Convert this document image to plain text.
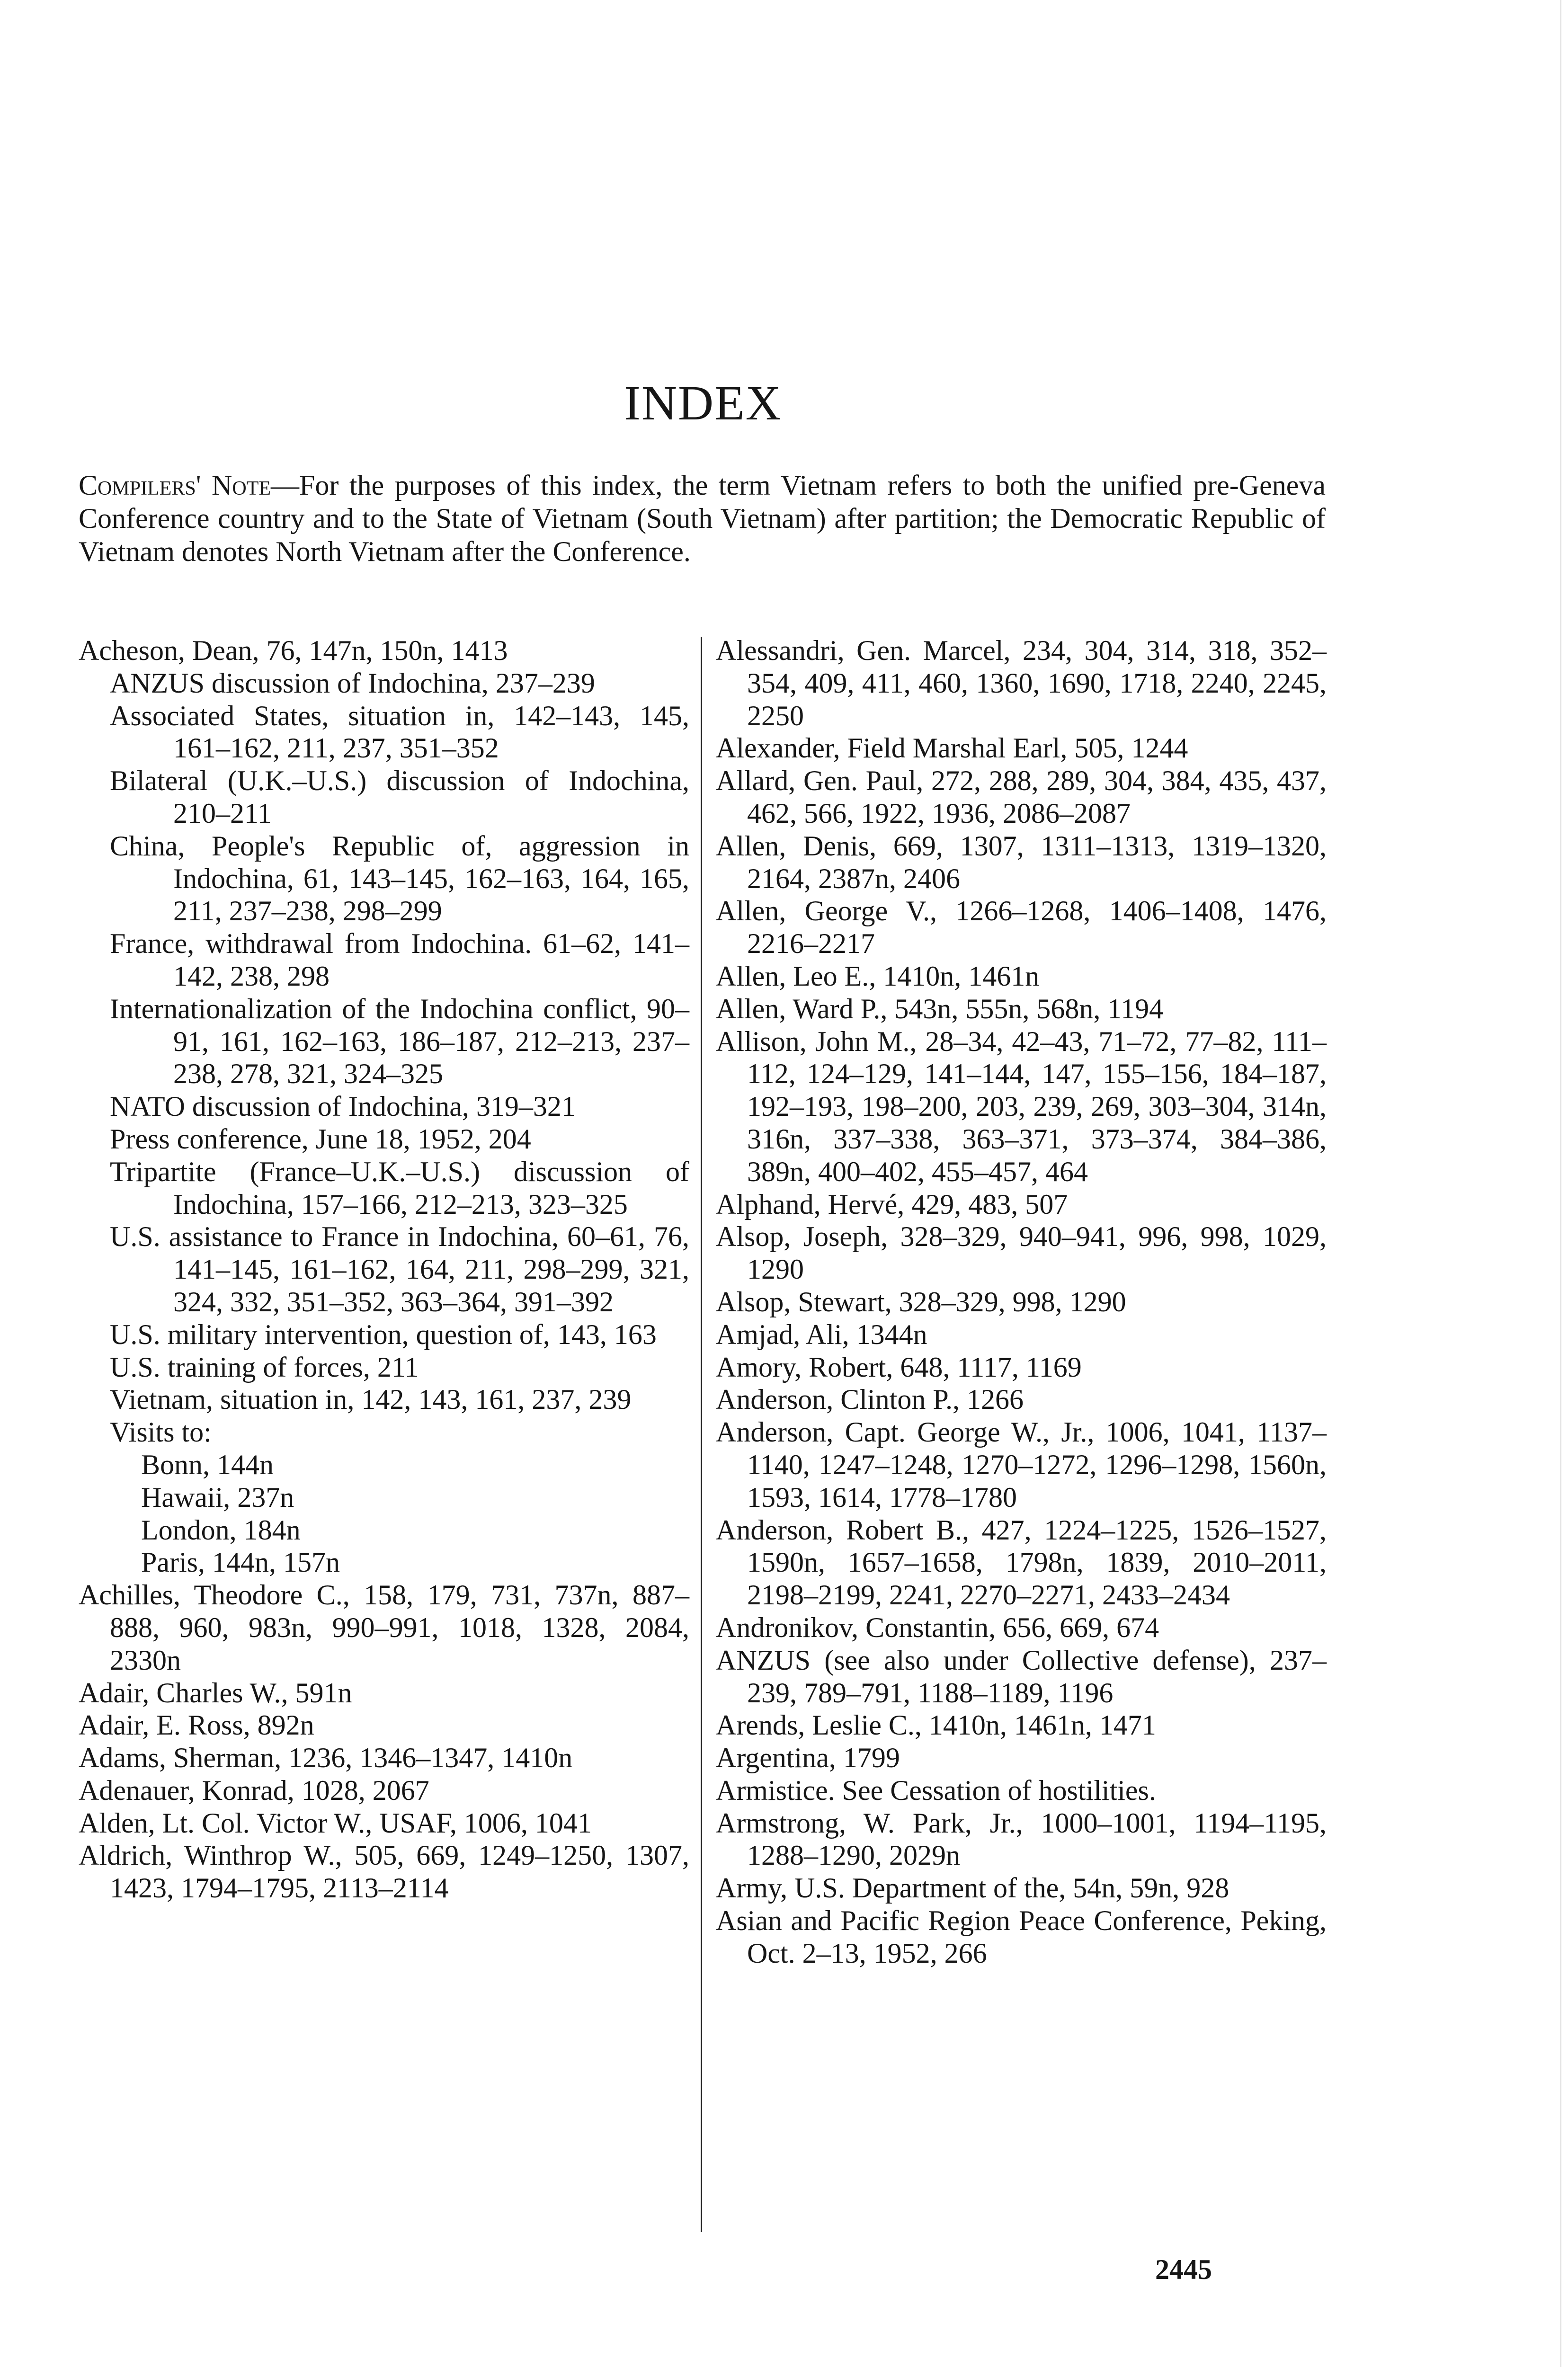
INDEX
Compilers' Note—For the purposes of this index, the term Vietnam refers to both the unified pre-Geneva Conference country and to the State of Vietnam (South Vietnam) after partition; the Democratic Republic of Vietnam denotes North Vietnam after the Conference.
Acheson, Dean, 76, 147n, 150n, 1413
ANZUS discussion of Indochina, 237–239
Associated States, situation in, 142–143, 145, 161–162, 211, 237, 351–352
Bilateral (U.K.–U.S.) discussion of Indochina, 210–211
China, People's Republic of, aggression in Indochina, 61, 143–145, 162–163, 164, 165, 211, 237–238, 298–299
France, withdrawal from Indochina. 61–62, 141–142, 238, 298
Internationalization of the Indochina conflict, 90–91, 161, 162–163, 186–187, 212–213, 237–238, 278, 321, 324–325
NATO discussion of Indochina, 319–321
Press conference, June 18, 1952, 204
Tripartite (France–U.K.–U.S.) discussion of Indochina, 157–166, 212–213, 323–325
U.S. assistance to France in Indochina, 60–61, 76, 141–145, 161–162, 164, 211, 298–299, 321, 324, 332, 351–352, 363–364, 391–392
U.S. military intervention, question of, 143, 163
U.S. training of forces, 211
Vietnam, situation in, 142, 143, 161, 237, 239
Visits to:
Bonn, 144n
Hawaii, 237n
London, 184n
Paris, 144n, 157n
Achilles, Theodore C., 158, 179, 731, 737n, 887–888, 960, 983n, 990–991, 1018, 1328, 2084, 2330n
Adair, Charles W., 591n
Adair, E. Ross, 892n
Adams, Sherman, 1236, 1346–1347, 1410n
Adenauer, Konrad, 1028, 2067
Alden, Lt. Col. Victor W., USAF, 1006, 1041
Aldrich, Winthrop W., 505, 669, 1249–1250, 1307, 1423, 1794–1795, 2113–2114
Alessandri, Gen. Marcel, 234, 304, 314, 318, 352–354, 409, 411, 460, 1360, 1690, 1718, 2240, 2245, 2250
Alexander, Field Marshal Earl, 505, 1244
Allard, Gen. Paul, 272, 288, 289, 304, 384, 435, 437, 462, 566, 1922, 1936, 2086–2087
Allen, Denis, 669, 1307, 1311–1313, 1319–1320, 2164, 2387n, 2406
Allen, George V., 1266–1268, 1406–1408, 1476, 2216–2217
Allen, Leo E., 1410n, 1461n
Allen, Ward P., 543n, 555n, 568n, 1194
Allison, John M., 28–34, 42–43, 71–72, 77–82, 111–112, 124–129, 141–144, 147, 155–156, 184–187, 192–193, 198–200, 203, 239, 269, 303–304, 314n, 316n, 337–338, 363–371, 373–374, 384–386, 389n, 400–402, 455–457, 464
Alphand, Hervé, 429, 483, 507
Alsop, Joseph, 328–329, 940–941, 996, 998, 1029, 1290
Alsop, Stewart, 328–329, 998, 1290
Amjad, Ali, 1344n
Amory, Robert, 648, 1117, 1169
Anderson, Clinton P., 1266
Anderson, Capt. George W., Jr., 1006, 1041, 1137–1140, 1247–1248, 1270–1272, 1296–1298, 1560n, 1593, 1614, 1778–1780
Anderson, Robert B., 427, 1224–1225, 1526–1527, 1590n, 1657–1658, 1798n, 1839, 2010–2011, 2198–2199, 2241, 2270–2271, 2433–2434
Andronikov, Constantin, 656, 669, 674
ANZUS (see also under Collective defense), 237–239, 789–791, 1188–1189, 1196
Arends, Leslie C., 1410n, 1461n, 1471
Argentina, 1799
Armistice. See Cessation of hostilities.
Armstrong, W. Park, Jr., 1000–1001, 1194–1195, 1288–1290, 2029n
Army, U.S. Department of the, 54n, 59n, 928
Asian and Pacific Region Peace Conference, Peking, Oct. 2–13, 1952, 266
2445
